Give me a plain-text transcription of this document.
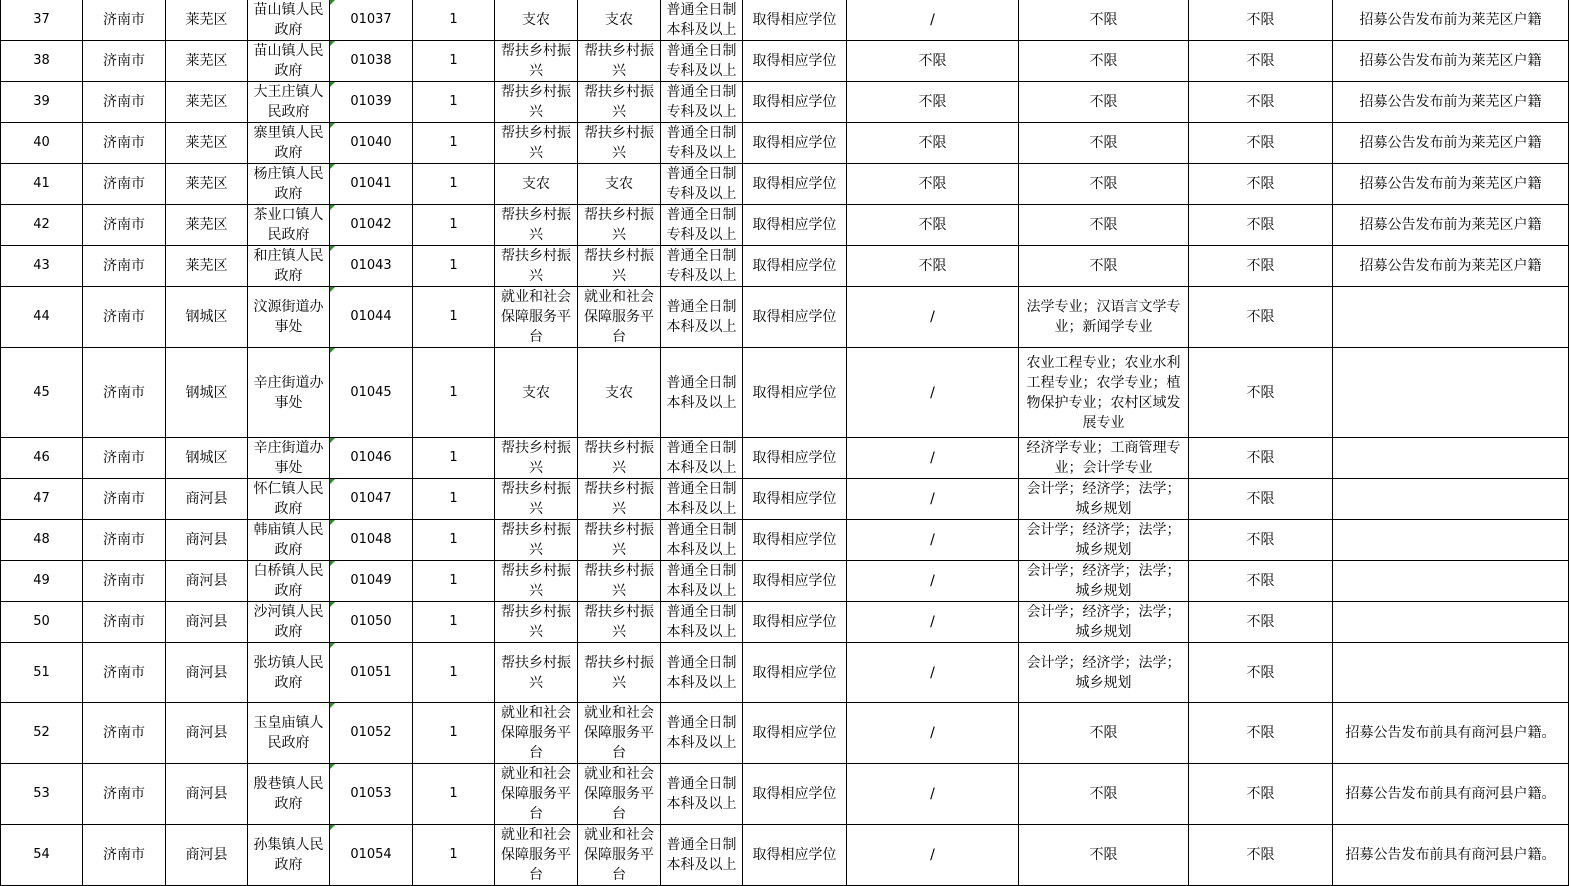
37	济南市	莱芜区	苗山镇人民政府	01037	1	支农	支农	普通全日制本科及以上	取得相应学位	/	不限	不限	招募公告发布前为莱芜区户籍
38	济南市	莱芜区	苗山镇人民政府	01038	1	帮扶乡村振兴	帮扶乡村振兴	普通全日制专科及以上	取得相应学位	不限	不限	不限	招募公告发布前为莱芜区户籍
39	济南市	莱芜区	大王庄镇人民政府	01039	1	帮扶乡村振兴	帮扶乡村振兴	普通全日制专科及以上	取得相应学位	不限	不限	不限	招募公告发布前为莱芜区户籍
40	济南市	莱芜区	寨里镇人民政府	01040	1	帮扶乡村振兴	帮扶乡村振兴	普通全日制专科及以上	取得相应学位	不限	不限	不限	招募公告发布前为莱芜区户籍
41	济南市	莱芜区	杨庄镇人民政府	01041	1	支农	支农	普通全日制专科及以上	取得相应学位	不限	不限	不限	招募公告发布前为莱芜区户籍
42	济南市	莱芜区	茶业口镇人民政府	01042	1	帮扶乡村振兴	帮扶乡村振兴	普通全日制专科及以上	取得相应学位	不限	不限	不限	招募公告发布前为莱芜区户籍
43	济南市	莱芜区	和庄镇人民政府	01043	1	帮扶乡村振兴	帮扶乡村振兴	普通全日制专科及以上	取得相应学位	不限	不限	不限	招募公告发布前为莱芜区户籍
44	济南市	钢城区	汶源街道办事处	01044	1	就业和社会保障服务平台	就业和社会保障服务平台	普通全日制本科及以上	取得相应学位	/	法学专业；汉语言文学专业；新闻学专业	不限	
45	济南市	钢城区	辛庄街道办事处	01045	1	支农	支农	普通全日制本科及以上	取得相应学位	/	农业工程专业；农业水利工程专业；农学专业；植物保护专业；农村区域发展专业	不限	
46	济南市	钢城区	辛庄街道办事处	01046	1	帮扶乡村振兴	帮扶乡村振兴	普通全日制本科及以上	取得相应学位	/	经济学专业；工商管理专业；会计学专业	不限	
47	济南市	商河县	怀仁镇人民政府	01047	1	帮扶乡村振兴	帮扶乡村振兴	普通全日制本科及以上	取得相应学位	/	会计学；经济学；法学；城乡规划	不限	
48	济南市	商河县	韩庙镇人民政府	01048	1	帮扶乡村振兴	帮扶乡村振兴	普通全日制本科及以上	取得相应学位	/	会计学；经济学；法学；城乡规划	不限	
49	济南市	商河县	白桥镇人民政府	01049	1	帮扶乡村振兴	帮扶乡村振兴	普通全日制本科及以上	取得相应学位	/	会计学；经济学；法学；城乡规划	不限	
50	济南市	商河县	沙河镇人民政府	01050	1	帮扶乡村振兴	帮扶乡村振兴	普通全日制本科及以上	取得相应学位	/	会计学；经济学；法学；城乡规划	不限	
51	济南市	商河县	张坊镇人民政府	01051	1	帮扶乡村振兴	帮扶乡村振兴	普通全日制本科及以上	取得相应学位	/	会计学；经济学；法学；城乡规划	不限	
52	济南市	商河县	玉皇庙镇人民政府	01052	1	就业和社会保障服务平台	就业和社会保障服务平台	普通全日制本科及以上	取得相应学位	/	不限	不限	招募公告发布前具有商河县户籍。
53	济南市	商河县	殷巷镇人民政府	01053	1	就业和社会保障服务平台	就业和社会保障服务平台	普通全日制本科及以上	取得相应学位	/	不限	不限	招募公告发布前具有商河县户籍。
54	济南市	商河县	孙集镇人民政府	01054	1	就业和社会保障服务平台	就业和社会保障服务平台	普通全日制本科及以上	取得相应学位	/	不限	不限	招募公告发布前具有商河县户籍。
